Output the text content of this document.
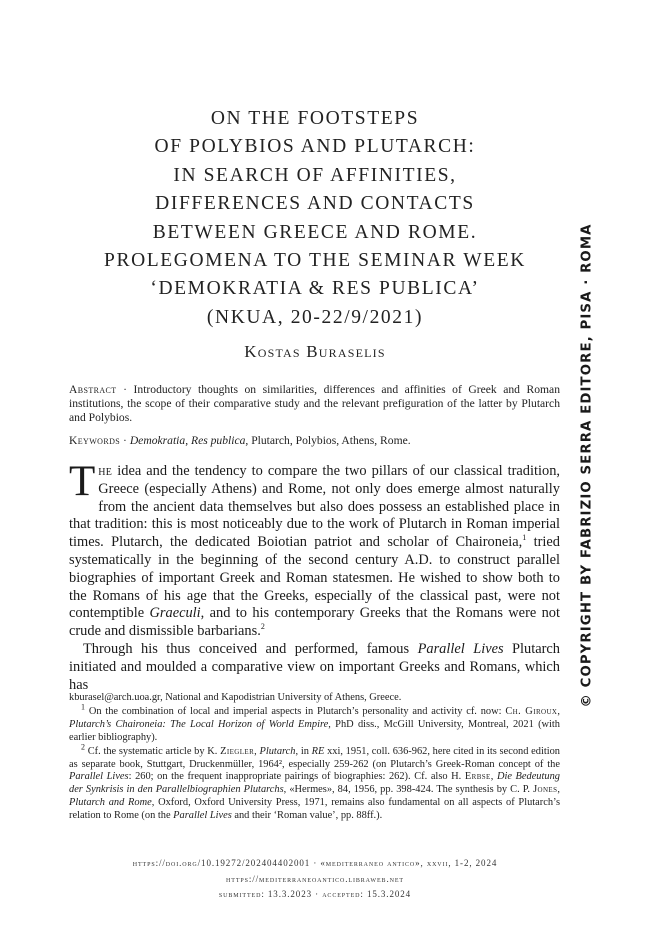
ON THE FOOTSTEPS
OF POLYBIOS AND PLUTARCH:
IN SEARCH OF AFFINITIES,
DIFFERENCES AND CONTACTS
BETWEEN GREECE AND ROME.
PROLEGOMENA TO THE SEMINAR WEEK
‘DEMOKRATIA & RES PUBLICA’
(NKUA, 20-22/9/2021)
Kostas Buraselis
Abstract · Introductory thoughts on similarities, differences and affinities of Greek and Roman institutions, the scope of their comparative study and the relevant prefiguration of the latter by Plutarch and Polybios.
Keywords · Demokratia, Res publica, Plutarch, Polybios, Athens, Rome.

The idea and the tendency to compare the two pillars of our classical tradition, Greece (especially Athens) and Rome, not only does emerge almost naturally from the ancient data themselves but also does possess an established place in that tradition: this is most noticeably due to the work of Plutarch in Roman imperial times. Plutarch, the dedicated Boiotian patriot and scholar of Chaironeia,$^1$ tried systematically in the beginning of the second century A.D. to construct parallel biographies of important Greek and Roman statesmen. He wished to show both to the Romans of his age that the Greeks, especially of the classical past, were not contemptible Graeculi, and to his contemporary Greeks that the Romans were not crude and dismissible barbarians.$^2$

Through his thus conceived and performed, famous Parallel Lives Plutarch initiated and moulded a comparative view on important Greeks and Romans, which has

kburasel@arch.uoa.gr, National and Kapodistrian University of Athens, Greece.

$^1$ On the combination of local and imperial aspects in Plutarch’s personality and activity cf. now: Ch. Giroux, Plutarch’s Chaironeia: The Local Horizon of World Empire, PhD diss., McGill University, Montreal, 2021 (with earlier bibliography).

$^2$ Cf. the systematic article by K. Ziegler, Plutarch, in RE xxi, 1951, coll. 636-962, here cited in its second edition as separate book, Stuttgart, Druckenmüller, 1964², especially 259-262 (on Plutarch’s Greek-Roman concept of the Parallel Lives: 260; on the frequent inappropriate pairings of biographies: 262). Cf. also H. Erbse, Die Bedeutung der Synkrisis in den Parallelbiographien Plutarchs, «Hermes», 84, 1956, pp. 398-424. The synthesis by C. P. Jones, Plutarch and Rome, Oxford, Oxford University Press, 1971, remains also fundamental on all aspects of Plutarch’s relation to Rome (on the Parallel Lives and their ‘Roman value’, pp. 88ff.).

https://doi.org/10.19272/202404402001 · «mediterraneo antico», xxvii, 1-2, 2024
https://mediterraneoantico.libraweb.net
submitted: 13.3.2023 · accepted: 15.3.2024
© COPYRIGHT BY FABRIZIO SERRA EDITORE, PISA · ROMA
